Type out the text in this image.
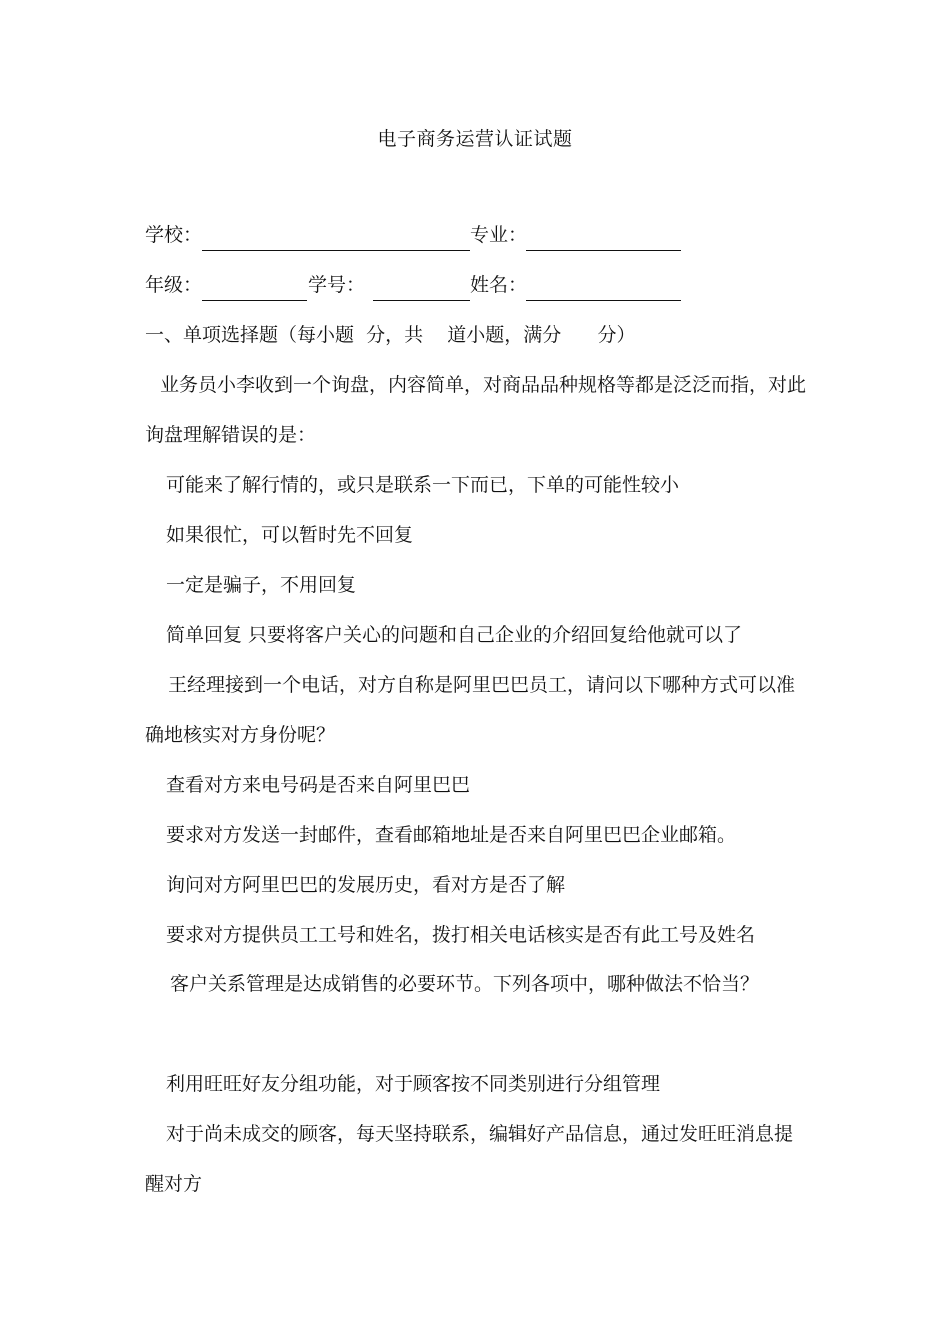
电子商务运营认证试题
学校：	专业：
年级：	学号：	姓名：
一、单项选择题（每小题  分，共    道小题，满分      分）
业务员小李收到一个询盘，内容简单，对商品品种规格等都是泛泛而指，对此
询盘理解错误的是：
可能来了解行情的，或只是联系一下而已，下单的可能性较小
如果很忙，可以暂时先不回复
一定是骗子，不用回复
简单回复 只要将客户关心的问题和自己企业的介绍回复给他就可以了
王经理接到一个电话，对方自称是阿里巴巴员工，请问以下哪种方式可以准
确地核实对方身份呢？
查看对方来电号码是否来自阿里巴巴
要求对方发送一封邮件，查看邮箱地址是否来自阿里巴巴企业邮箱。
询问对方阿里巴巴的发展历史，看对方是否了解
要求对方提供员工工号和姓名，拨打相关电话核实是否有此工号及姓名
客户关系管理是达成销售的必要环节。下列各项中，哪种做法不恰当？
利用旺旺好友分组功能，对于顾客按不同类别进行分组管理
对于尚未成交的顾客，每天坚持联系，编辑好产品信息，通过发旺旺消息提
醒对方
